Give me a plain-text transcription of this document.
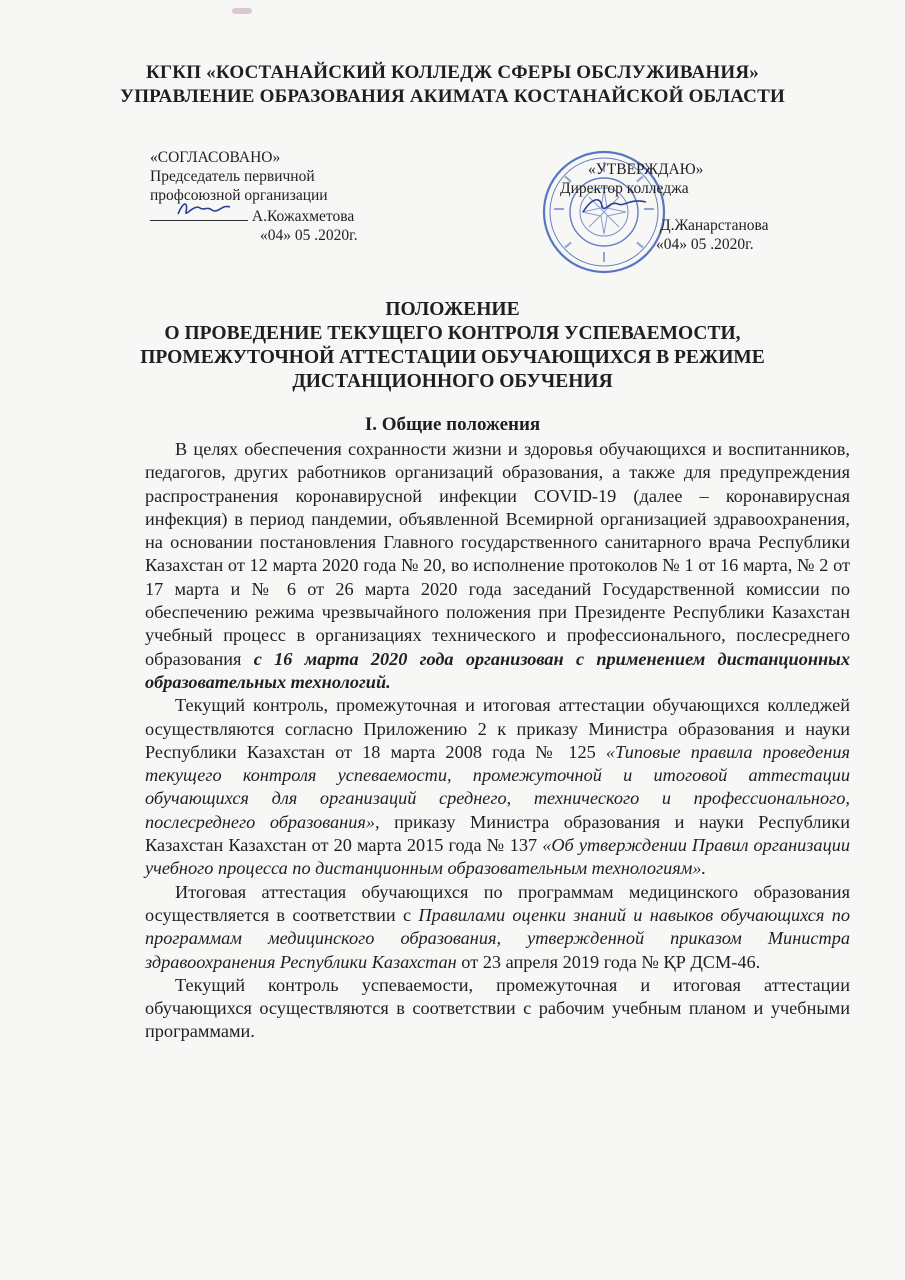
КГКП «КОСТАНАЙСКИЙ КОЛЛЕДЖ СФЕРЫ ОБСЛУЖИВАНИЯ»
УПРАВЛЕНИЕ ОБРАЗОВАНИЯ АКИМАТА КОСТАНАЙСКОЙ ОБЛАСТИ
«СОГЛАСОВАНО»
Председатель первичной
профсоюзной организации
А.Кожахметова
«04» 05 .2020г.
«УТВЕРЖДАЮ»
Директор колледжа
Д.Жанарстанова
«04» 05 .2020г.
ПОЛОЖЕНИЕ
О ПРОВЕДЕНИЕ ТЕКУЩЕГО КОНТРОЛЯ УСПЕВАЕМОСТИ,
ПРОМЕЖУТОЧНОЙ АТТЕСТАЦИИ ОБУЧАЮЩИХСЯ В РЕЖИМЕ
ДИСТАНЦИОННОГО ОБУЧЕНИЯ
I. Общие положения

В целях обеспечения сохранности жизни и здоровья обучающихся и воспитанников, педагогов, других работников организаций образования, а также для предупреждения распространения коронавирусной инфекции COVID-19 (далее – коронавирусная инфекция) в период пандемии, объявленной Всемирной организацией здравоохранения, на основании постановления Главного государственного санитарного врача Республики Казахстан от 12 марта 2020 года № 20, во исполнение протоколов № 1 от 16 марта, № 2 от 17 марта и № 6 от 26 марта 2020 года заседаний Государственной комиссии по обеспечению режима чрезвычайного положения при Президенте Республики Казахстан учебный процесс в организациях технического и профессионального, послесреднего образования с 16 марта 2020 года организован с применением дистанционных образовательных технологий.

Текущий контроль, промежуточная и итоговая аттестации обучающихся колледжей осуществляются согласно Приложению 2 к приказу Министра образования и науки Республики Казахстан от 18 марта 2008 года № 125 «Типовые правила проведения текущего контроля успеваемости, промежуточной и итоговой аттестации обучающихся для организаций среднего, технического и профессионального, послесреднего образования», приказу Министра образования и науки Республики Казахстан Казахстан от 20 марта 2015 года № 137 «Об утверждении Правил организации учебного процесса по дистанционным образовательным технологиям».

Итоговая аттестация обучающихся по программам медицинского образования осуществляется в соответствии с Правилами оценки знаний и навыков обучающихся по программам медицинского образования, утвержденной приказом Министра здравоохранения Республики Казахстан от 23 апреля 2019 года № ҚР ДСМ-46.

Текущий контроль успеваемости, промежуточная и итоговая аттестации обучающихся осуществляются в соответствии с рабочим учебным планом и учебными программами.
